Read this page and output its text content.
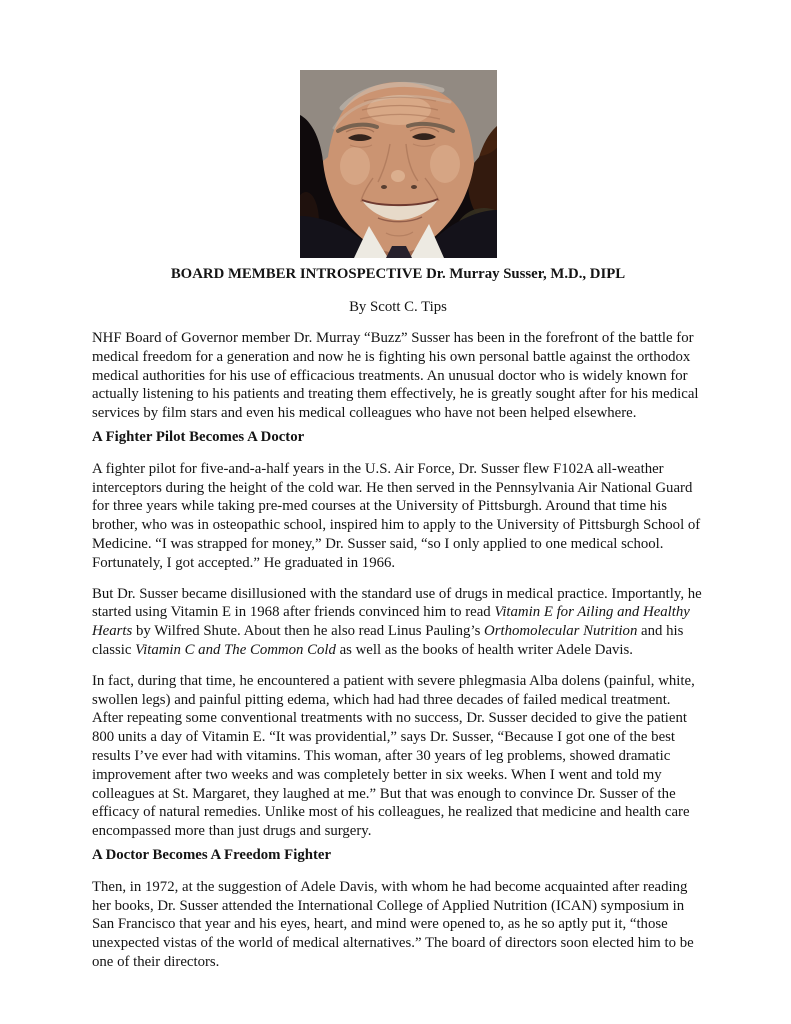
BOARD MEMBER INTROSPECTIVE Dr. Murray Susser, M.D., DIPL

By Scott C. Tips

NHF Board of Governor member Dr. Murray “Buzz” Susser has been in the forefront of the battle for medical freedom for a generation and now he is fighting his own personal battle against the orthodox medical authorities for his use of efficacious treatments. An unusual doctor who is widely known for actually listening to his patients and treating them effectively, he is greatly sought after for his medical services by film stars and even his medical colleagues who have not been helped elsewhere.

A Fighter Pilot Becomes A Doctor

A fighter pilot for five-and-a-half years in the U.S. Air Force, Dr. Susser flew F102A all-weather interceptors during the height of the cold war. He then served in the Pennsylvania Air National Guard for three years while taking pre-med courses at the University of Pittsburgh. Around that time his brother, who was in osteopathic school, inspired him to apply to the University of Pittsburgh School of Medicine. “I was strapped for money,” Dr. Susser said, “so I only applied to one medical school. Fortunately, I got accepted.” He graduated in 1966.

But Dr. Susser became disillusioned with the standard use of drugs in medical practice. Importantly, he started using Vitamin E in 1968 after friends convinced him to read Vitamin E for Ailing and Healthy Hearts by Wilfred Shute. About then he also read Linus Pauling’s Orthomolecular Nutrition and his classic Vitamin C and The Common Cold as well as the books of health writer Adele Davis.

In fact, during that time, he encountered a patient with severe phlegmasia Alba dolens (painful, white, swollen legs) and painful pitting edema, which had had three decades of failed medical treatment. After repeating some conventional treatments with no success, Dr. Susser decided to give the patient 800 units a day of Vitamin E. “It was providential,” says Dr. Susser, “Because I got one of the best results I’ve ever had with vitamins. This woman, after 30 years of leg problems, showed dramatic improvement after two weeks and was completely better in six weeks. When I went and told my colleagues at St. Margaret, they laughed at me.” But that was enough to convince Dr. Susser of the efficacy of natural remedies. Unlike most of his colleagues, he realized that medicine and health care encompassed more than just drugs and surgery.

A Doctor Becomes A Freedom Fighter

Then, in 1972, at the suggestion of Adele Davis, with whom he had become acquainted after reading her books, Dr. Susser attended the International College of Applied Nutrition (ICAN) symposium in San Francisco that year and his eyes, heart, and mind were opened to, as he so aptly put it, “those unexpected vistas of the world of medical alternatives.” The board of directors soon elected him to be one of their directors.
